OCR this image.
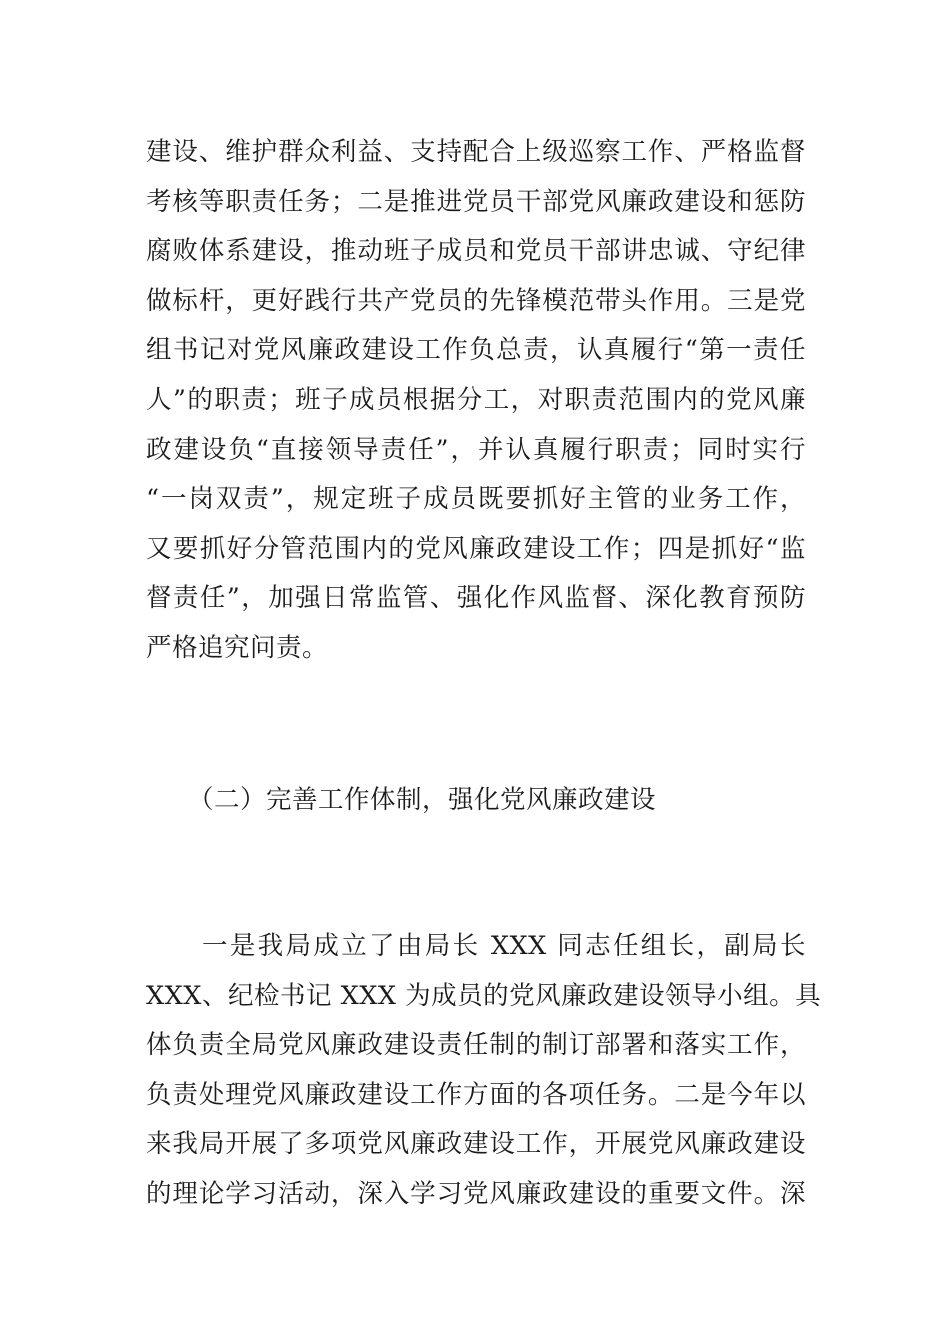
建设、维护群众利益、支持配合上级巡察工作、严格监督
考核等职责任务；二是推进党员干部党风廉政建设和惩防
腐败体系建设，推动班子成员和党员干部讲忠诚、守纪律
做标杆，更好践行共产党员的先锋模范带头作用。三是党
组书记对党风廉政建设工作负总责，认真履行“第一责任
人”的职责；班子成员根据分工，对职责范围内的党风廉
政建设负“直接领导责任”，并认真履行职责；同时实行
“一岗双责”，规定班子成员既要抓好主管的业务工作，
又要抓好分管范围内的党风廉政建设工作；四是抓好“监
督责任”，加强日常监管、强化作风监督、深化教育预防
严格追究问责。
（二）完善工作体制，强化党风廉政建设
一是我局成立了由局长 XXX 同志任组长，副局长
XXX、纪检书记 XXX 为成员的党风廉政建设领导小组。具
体负责全局党风廉政建设责任制的制订部署和落实工作，
负责处理党风廉政建设工作方面的各项任务。二是今年以
来我局开展了多项党风廉政建设工作，开展党风廉政建设
的理论学习活动，深入学习党风廉政建设的重要文件。深
